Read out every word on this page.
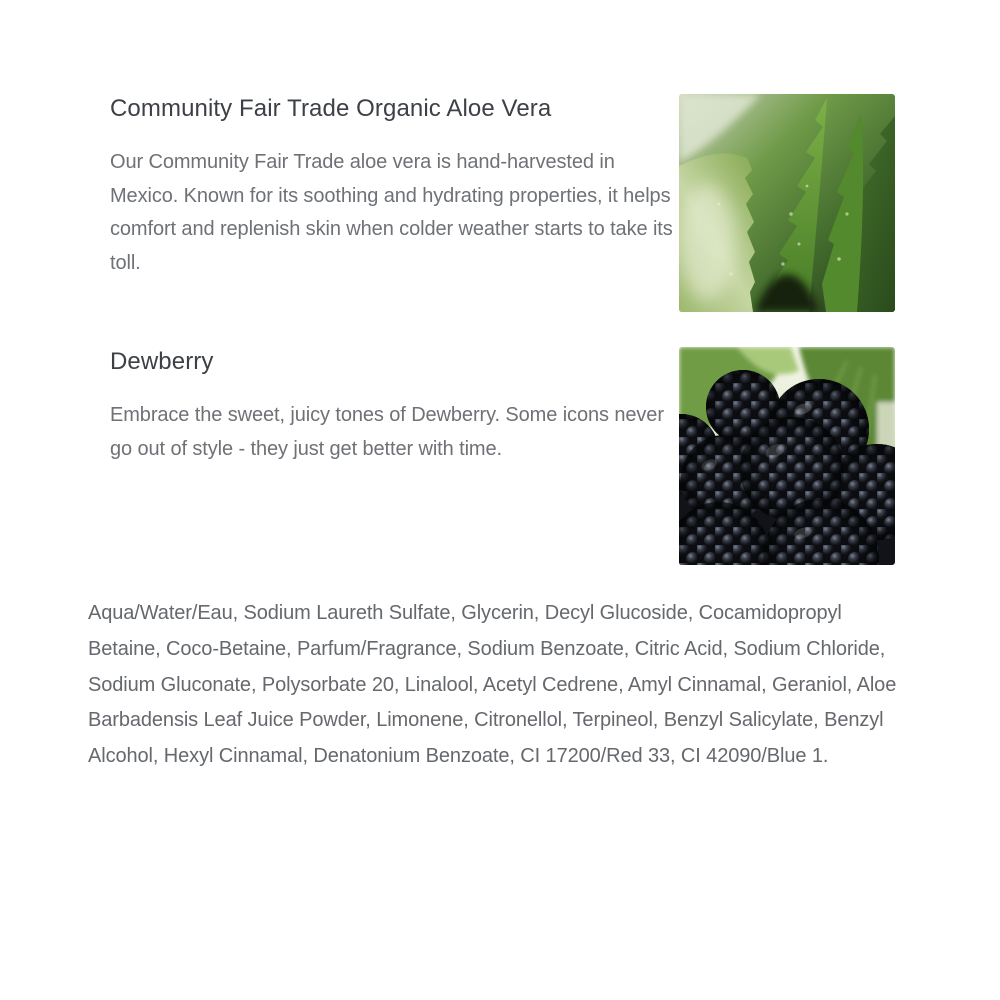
Community Fair Trade Organic Aloe Vera

Our Community Fair Trade aloe vera is hand-harvested in Mexico. Known for its soothing and hydrating properties, it helps comfort and replenish skin when colder weather starts to take its toll.

Dewberry

Embrace the sweet, juicy tones of Dewberry. Some icons never go out of style - they just get better with time.

Aqua/Water/Eau, Sodium Laureth Sulfate, Glycerin, Decyl Glucoside, Cocamidopropyl Betaine, Coco-Betaine, Parfum/Fragrance, Sodium Benzoate, Citric Acid, Sodium Chloride, Sodium Gluconate, Polysorbate 20, Linalool, Acetyl Cedrene, Amyl Cinnamal, Geraniol, Aloe Barbadensis Leaf Juice Powder, Limonene, Citronellol, Terpineol, Benzyl Salicylate, Benzyl Alcohol, Hexyl Cinnamal, Denatonium Benzoate, CI 17200/Red 33, CI 42090/Blue 1.
